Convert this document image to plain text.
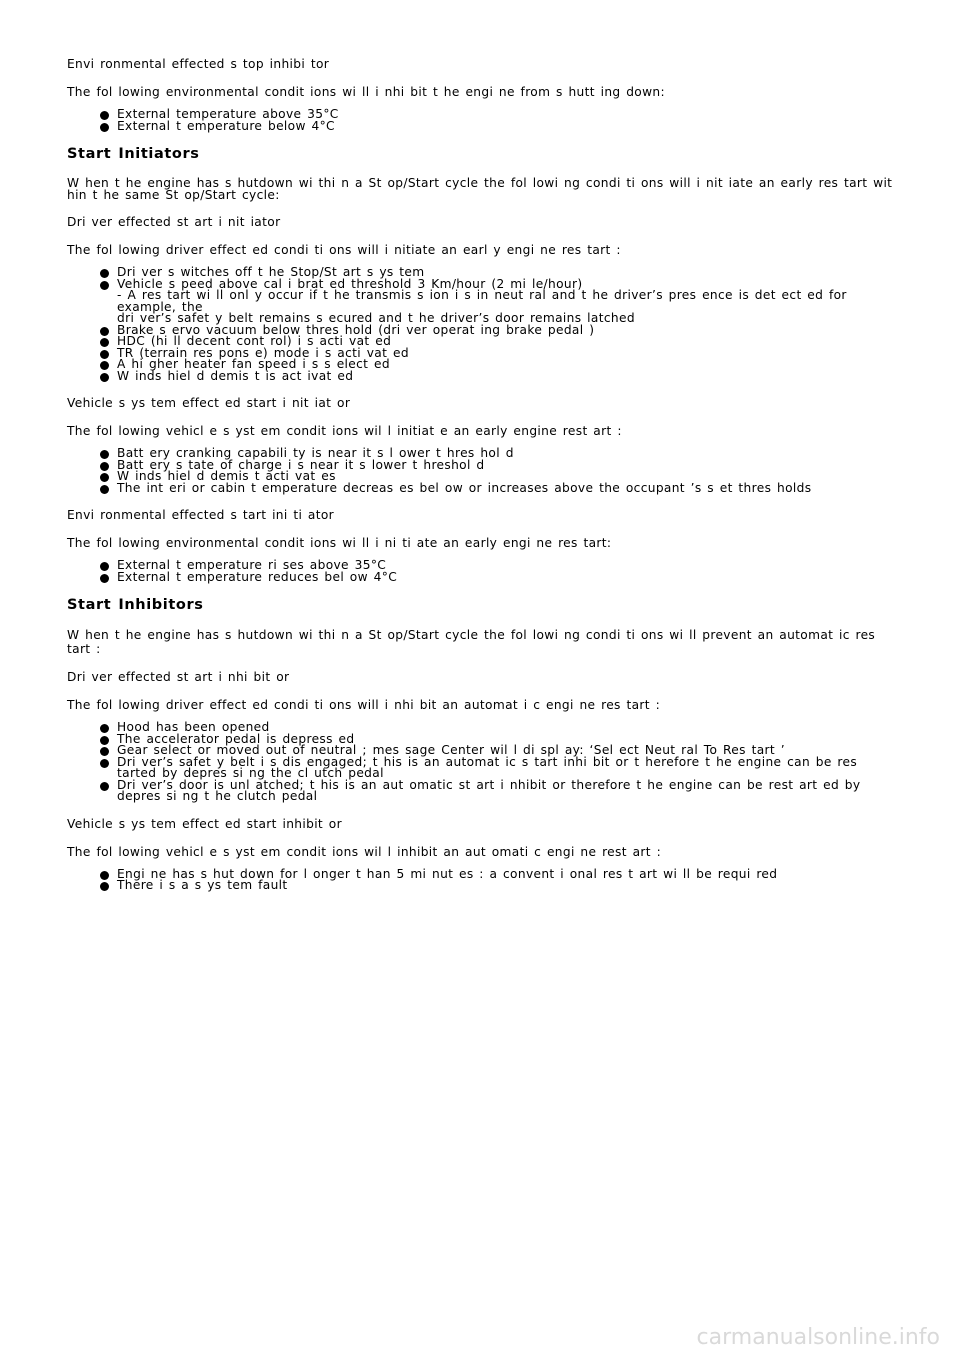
Envi ronmental effected s top inhibi tor

The fol lowing environmental condit ions wi ll i nhi bit t he engi ne from s hutt ing down:

External temperature above 35°C
External t emperature below 4°C
Start Initiators

W hen t he engine has s hutdown wi thi n a St op/Start cycle the fol lowi ng condi ti ons will i nit iate an early res tart wit hin t he same St op/Start cycle:

Dri ver effected st art i nit iator

The fol lowing driver effect ed condi ti ons will i nitiate an earl y engi ne res tart :

Dri ver s witches off t he Stop/St art s ys tem
Vehicle s peed above cal i brat ed threshold 3 Km/hour (2 mi le/hour)
- A res tart wi ll onl y occur if t he transmis s ion i s in neut ral and t he driver’s pres ence is det ect ed for example, the
dri ver’s safet y belt remains s ecured and t he driver’s door remains latched
Brake s ervo vacuum below thres hold (dri ver operat ing brake pedal )
HDC (hi ll decent cont rol) i s acti vat ed
TR (terrain res pons e) mode i s acti vat ed
A hi gher heater fan speed i s s elect ed
W inds hiel d demis t is act ivat ed

Vehicle s ys tem effect ed start i nit iat or

The fol lowing vehicl e s yst em condit ions wil l initiat e an early engine rest art :

Batt ery cranking capabili ty is near it s l ower t hres hol d
Batt ery s tate of charge i s near it s lower t hreshol d
W inds hiel d demis t acti vat es
The int eri or cabin t emperature decreas es bel ow or increases above the occupant ’s s et thres holds

Envi ronmental effected s tart ini ti ator

The fol lowing environmental condit ions wi ll i ni ti ate an early engi ne res tart:

External t emperature ri ses above 35°C
External t emperature reduces bel ow 4°C
Start Inhibitors

W hen t he engine has s hutdown wi thi n a St op/Start cycle the fol lowi ng condi ti ons wi ll prevent an automat ic res tart :

Dri ver effected st art i nhi bit or

The fol lowing driver effect ed condi ti ons will i nhi bit an automat i c engi ne res tart :

Hood has been opened
The accelerator pedal is depress ed
Gear select or moved out of neutral ; mes sage Center wil l di spl ay: ‘Sel ect Neut ral To Res tart ’
Dri ver’s safet y belt i s dis engaged; t his is an automat ic s tart inhi bit or t herefore t he engine can be res tarted by depres si ng the cl utch pedal
Dri ver’s door is unl atched; t his is an aut omatic st art i nhibit or therefore t he engine can be rest art ed by depres si ng t he clutch pedal

Vehicle s ys tem effect ed start inhibit or

The fol lowing vehicl e s yst em condit ions wil l inhibit an aut omati c engi ne rest art :

Engi ne has s hut down for l onger t han 5 mi nut es : a convent i onal res t art wi ll be requi red
There i s a s ys tem fault
carmanualsonline.info
